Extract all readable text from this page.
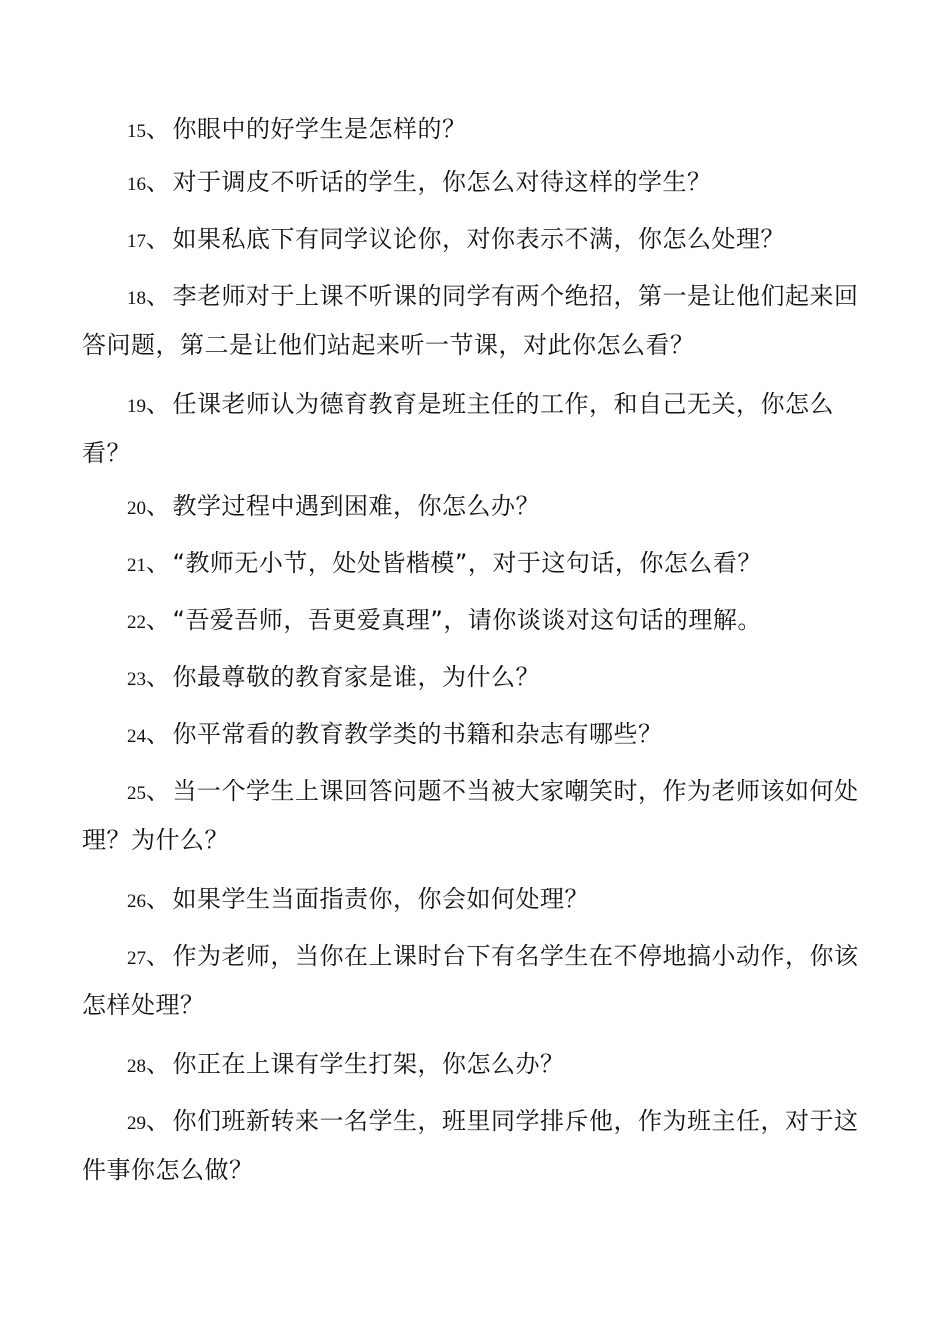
15、你眼中的好学生是怎样的？

16、对于调皮不听话的学生，你怎么对待这样的学生？

17、如果私底下有同学议论你，对你表示不满，你怎么处理？

18、李老师对于上课不听课的同学有两个绝招，第一是让他们起来回答问题，第二是让他们站起来听一节课，对此你怎么看？

19、任课老师认为德育教育是班主任的工作，和自己无关，你怎么看？

20、教学过程中遇到困难，你怎么办？

21、“教师无小节，处处皆楷模”，对于这句话，你怎么看？

22、“吾爱吾师，吾更爱真理”，请你谈谈对这句话的理解。

23、你最尊敬的教育家是谁，为什么？

24、你平常看的教育教学类的书籍和杂志有哪些？

25、当一个学生上课回答问题不当被大家嘲笑时，作为老师该如何处理？为什么？

26、如果学生当面指责你，你会如何处理？

27、作为老师，当你在上课时台下有名学生在不停地搞小动作，你该怎样处理？

28、你正在上课有学生打架，你怎么办？

29、你们班新转来一名学生，班里同学排斥他，作为班主任，对于这件事你怎么做？
